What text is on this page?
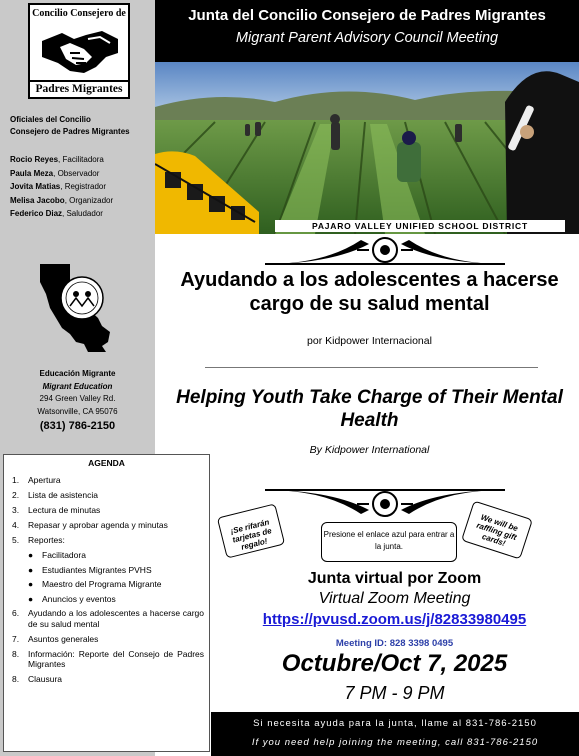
Concilio Consejero de
Padres Migrantes
Oficiales del Concilio
Consejero de Padres Migrantes
Rocio Reyes, Facilitadora
Paula Meza, Observador
Jovita Matias, Registrador
Melisa Jacobo, Organizador
Federico Diaz, Saludador
Educación Migrante
Migrant Education
294 Green Valley Rd.
Watsonville, CA 95076
(831) 786-2150
AGENDA
1. Apertura
2. Lista de asistencia
3. Lectura de minutas
4. Repasar y aprobar agenda y minutas
5. Reportes:
● Facilitadora
● Estudiantes Migrantes PVHS
● Maestro del Programa Migrante
● Anuncios y eventos
6. Ayudando a los adolescentes a hacerse cargo de su salud mental
7. Asuntos generales
8. Información: Reporte del Consejo de Padres Migrantes
8. Clausura
Junta del Concilio Consejero de Padres Migrantes
Migrant Parent Advisory Council Meeting
PAJARO VALLEY UNIFIED SCHOOL DISTRICT
Ayudando a los adolescentes a hacerse cargo de su salud mental
por Kidpower Internacional
Helping Youth Take Charge of Their Mental Health
By Kidpower International
¡Se rifarán tarjetas de regalo!
We will be raffling gift cards!
Presione el enlace azul para entrar a la junta.
Junta virtual por Zoom
Virtual Zoom Meeting
https://pvusd.zoom.us/j/82833980495
Meeting ID: 828 3398 0495
Octubre/Oct 7, 2025
7 PM - 9 PM
Si necesita ayuda para la junta, llame al 831-786-2150
If you need help joining the meeting, call 831-786-2150
